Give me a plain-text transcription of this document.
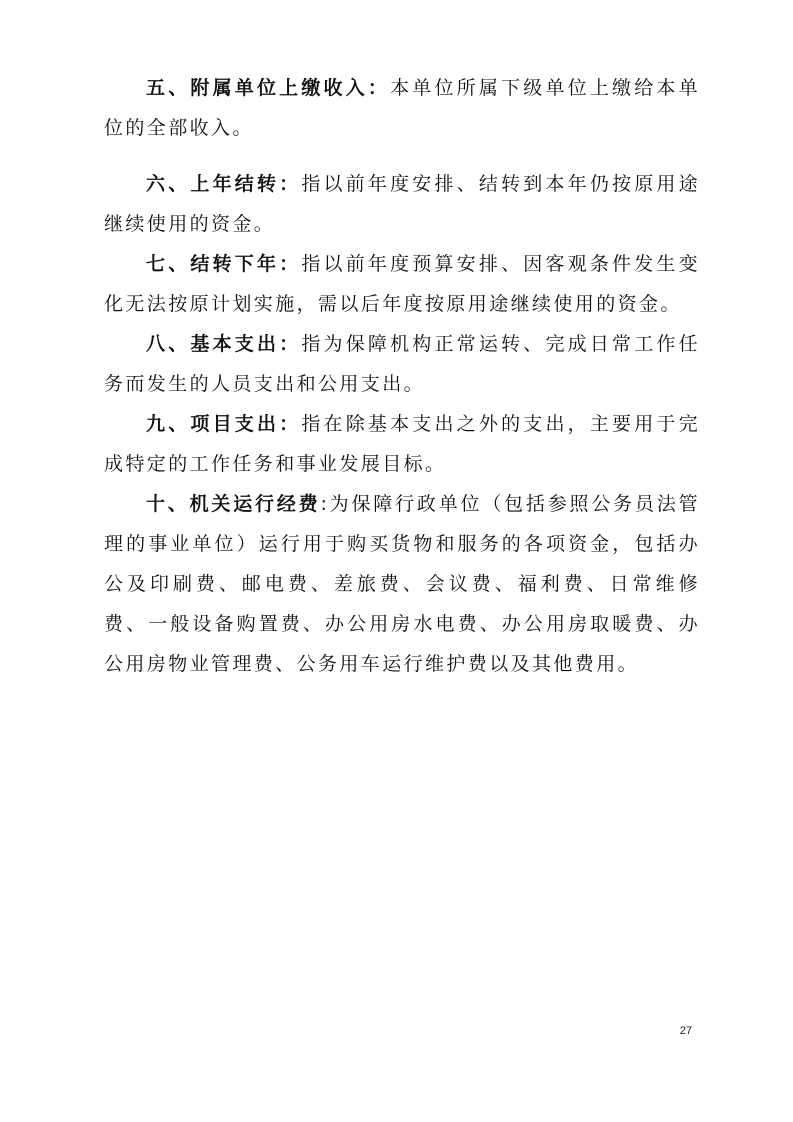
五、附属单位上缴收入：本单位所属下级单位上缴给本单位的全部收入。

六、上年结转：指以前年度安排、结转到本年仍按原用途继续使用的资金。

七、结转下年：指以前年度预算安排、因客观条件发生变化无法按原计划实施，需以后年度按原用途继续使用的资金。

八、基本支出：指为保障机构正常运转、完成日常工作任务而发生的人员支出和公用支出。

九、项目支出：指在除基本支出之外的支出，主要用于完成特定的工作任务和事业发展目标。

十、机关运行经费:为保障行政单位（包括参照公务员法管理的事业单位）运行用于购买货物和服务的各项资金，包括办公及印刷费、邮电费、差旅费、会议费、福利费、日常维修费、一般设备购置费、办公用房水电费、办公用房取暖费、办公用房物业管理费、公务用车运行维护费以及其他费用。

27
